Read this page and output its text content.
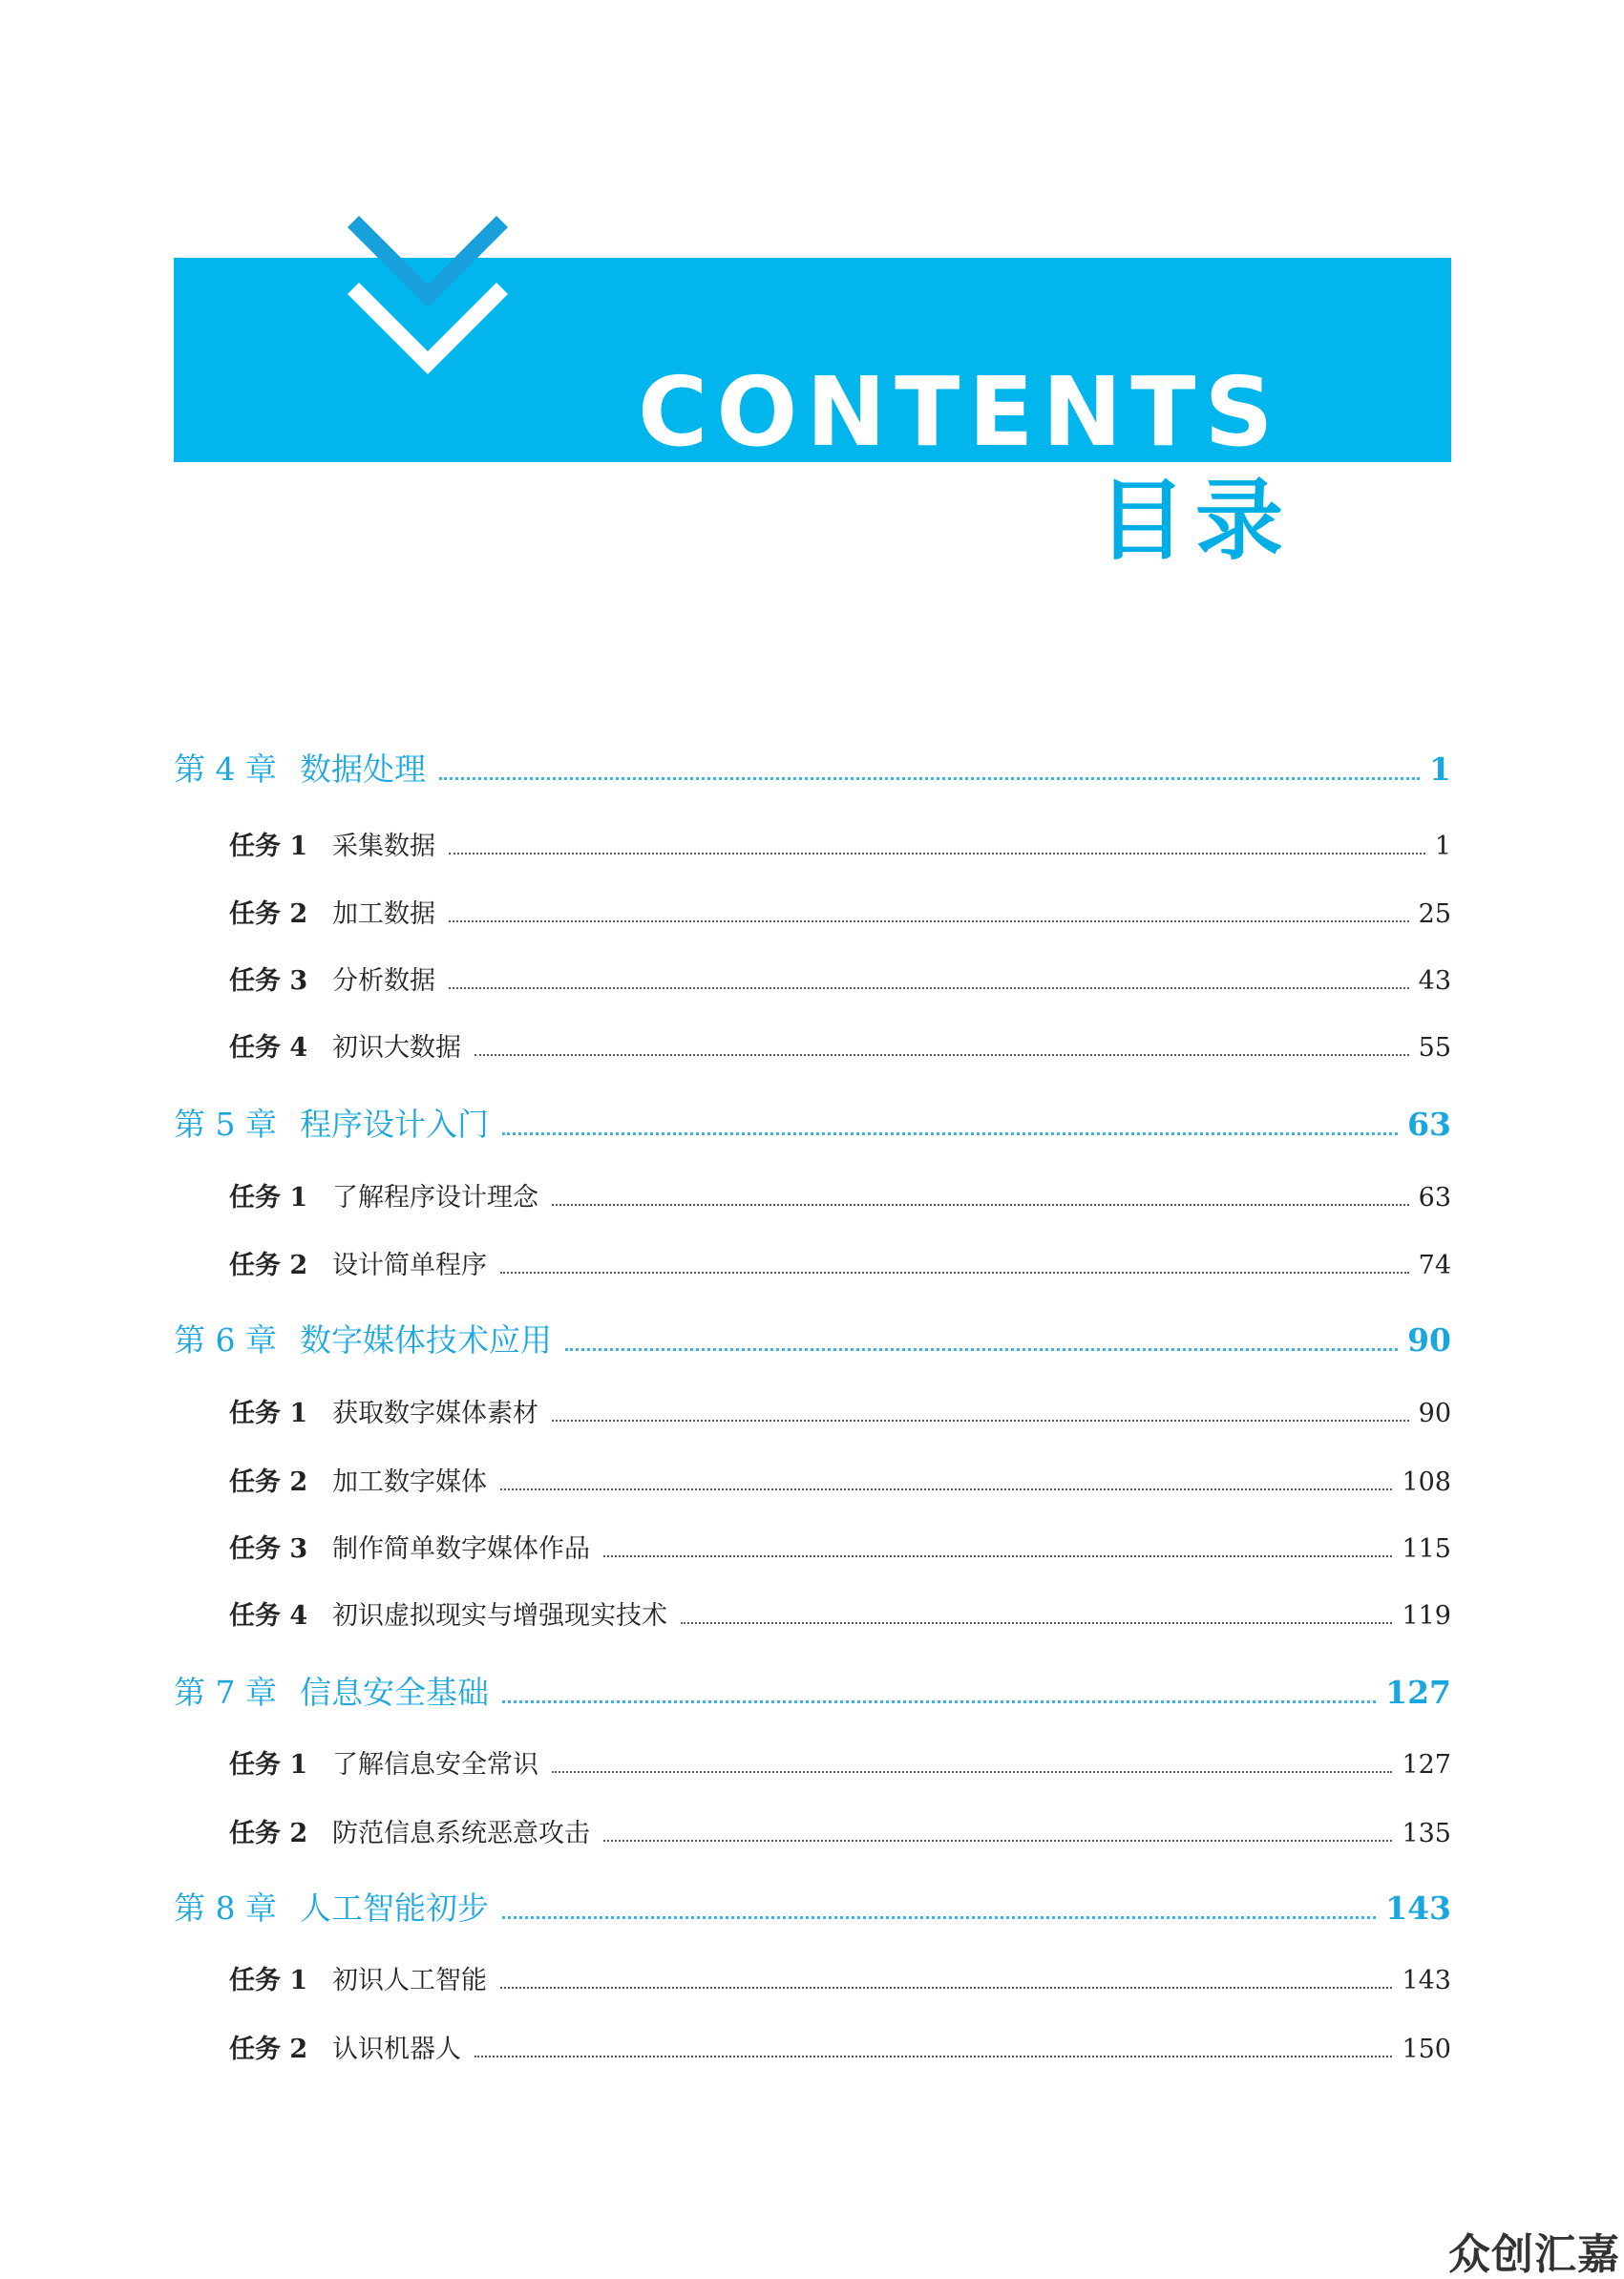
CONTENTS
目录
第 4 章 数据处理	1
任务 1 采集数据	1
任务 2 加工数据	25
任务 3 分析数据	43
任务 4 初识大数据	55
第 5 章 程序设计入门	63
任务 1 了解程序设计理念	63
任务 2 设计简单程序	74
第 6 章 数字媒体技术应用	90
任务 1 获取数字媒体素材	90
任务 2 加工数字媒体	108
任务 3 制作简单数字媒体作品	115
任务 4 初识虚拟现实与增强现实技术	119
第 7 章 信息安全基础	127
任务 1 了解信息安全常识	127
任务 2 防范信息系统恶意攻击	135
第 8 章 人工智能初步	143
任务 1 初识人工智能	143
任务 2 认识机器人	150
众创汇嘉
